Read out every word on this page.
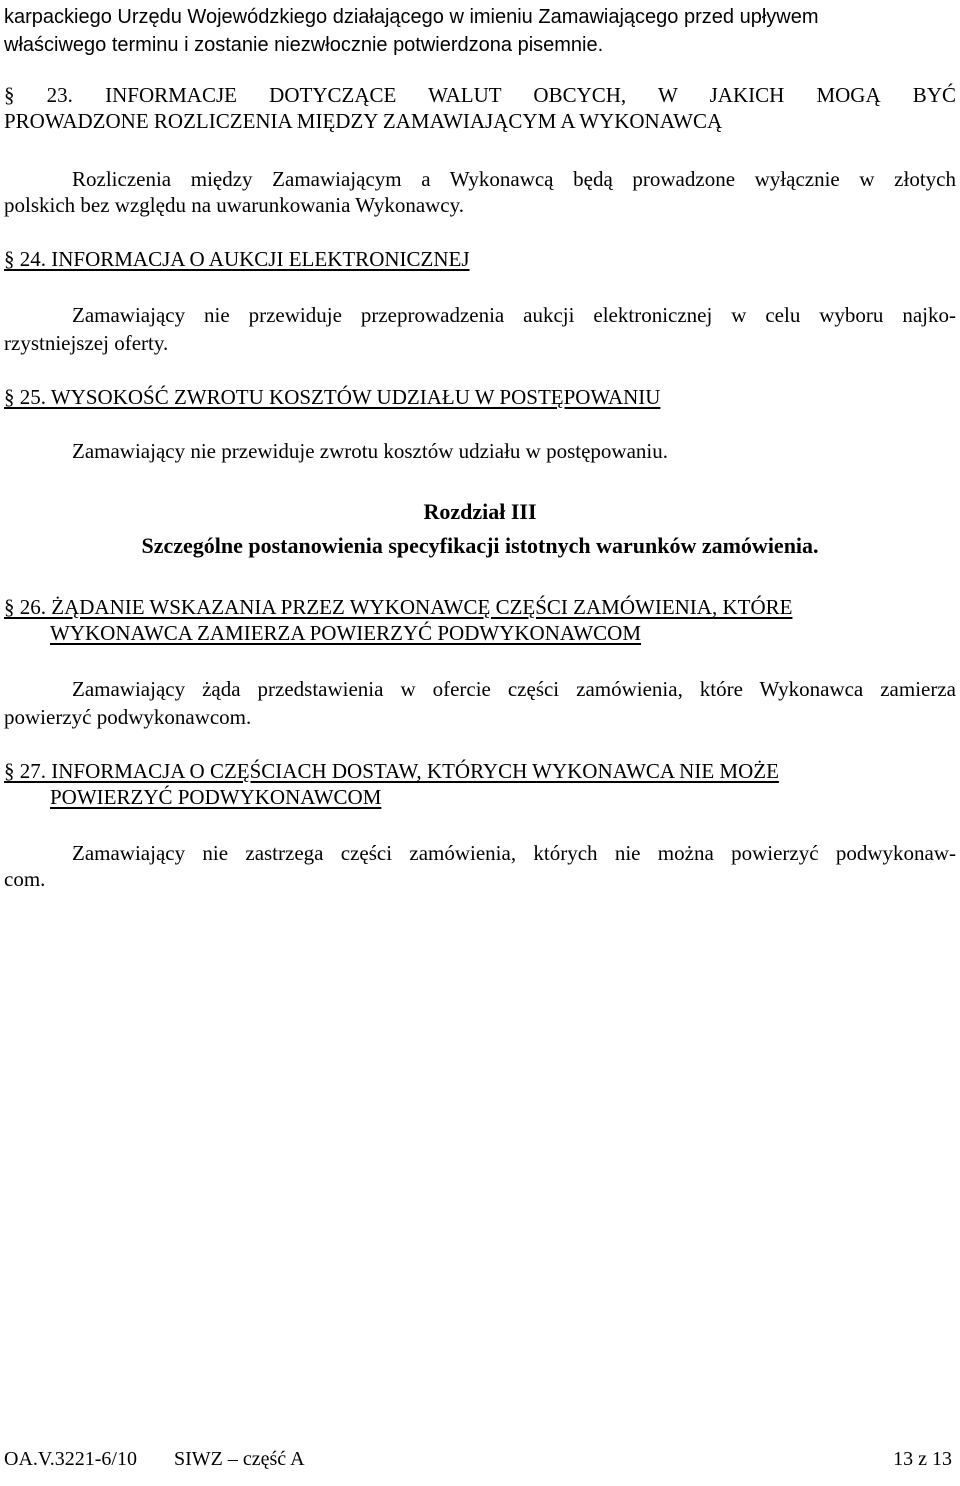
karpackiego Urzędu Wojewódzkiego działającego w imieniu Zamawiającego przed upływem
właściwego terminu i zostanie niezwłocznie potwierdzona pisemnie.
§ 23. INFORMACJE DOTYCZĄCE WALUT OBCYCH, W JAKICH MOGĄ BYĆ
PROWADZONE ROZLICZENIA MIĘDZY ZAMAWIAJĄCYM A WYKONAWCĄ
Rozliczenia między Zamawiającym a Wykonawcą będą prowadzone wyłącznie w złotych
polskich bez względu na uwarunkowania Wykonawcy.
§ 24. INFORMACJA O AUKCJI ELEKTRONICZNEJ
Zamawiający nie przewiduje przeprowadzenia aukcji elektronicznej w celu wyboru najko-
rzystniejszej oferty.
§ 25. WYSOKOŚĆ ZWROTU KOSZTÓW UDZIAŁU W POSTĘPOWANIU
Zamawiający nie przewiduje zwrotu kosztów udziału w postępowaniu.
Rozdział III
Szczególne postanowienia specyfikacji istotnych warunków zamówienia.
§ 26. ŻĄDANIE WSKAZANIA PRZEZ WYKONAWCĘ CZĘŚCI ZAMÓWIENIA, KTÓRE
WYKONAWCA ZAMIERZA POWIERZYĆ PODWYKONAWCOM
Zamawiający żąda przedstawienia w ofercie części zamówienia, które Wykonawca zamierza
powierzyć podwykonawcom.
§ 27. INFORMACJA O CZĘŚCIACH DOSTAW, KTÓRYCH WYKONAWCA NIE MOŻE
POWIERZYĆ PODWYKONAWCOM
Zamawiający nie zastrzega części zamówienia, których nie można powierzyć podwykonaw-
com.
OA.V.3221-6/10 SIWZ – część A	13 z 13
